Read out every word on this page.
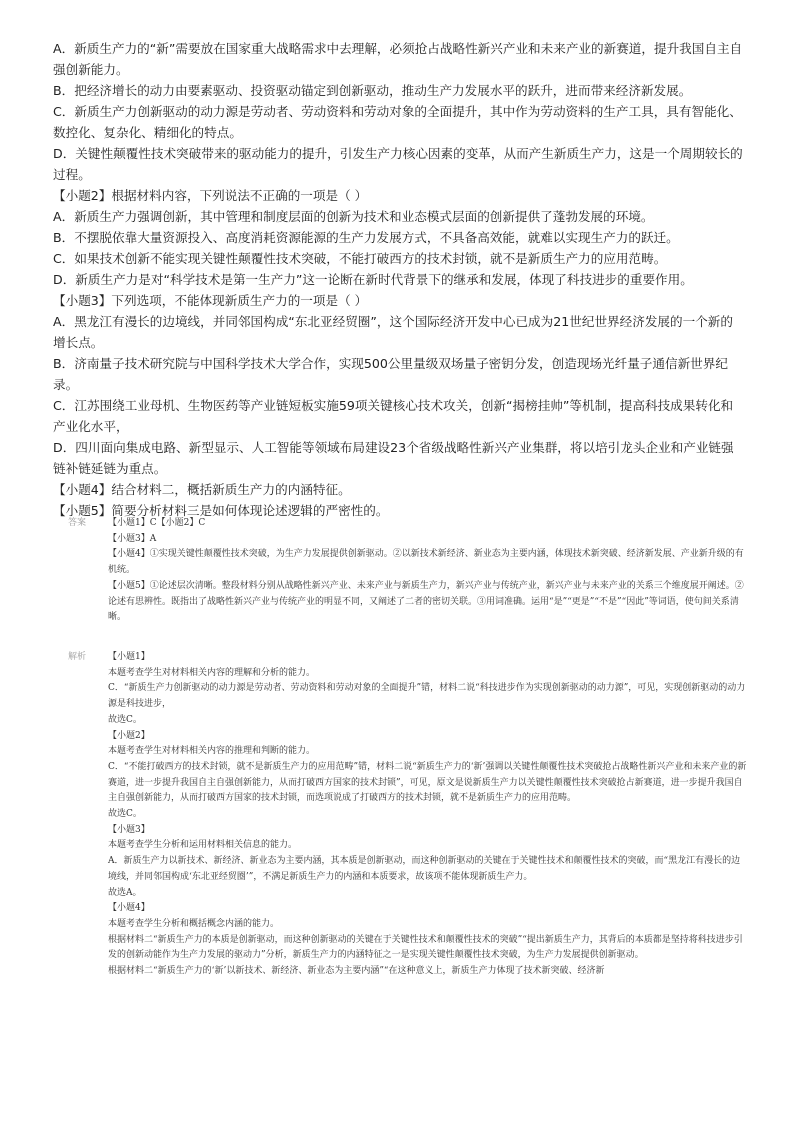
A．新质生产力的“新”需要放在国家重大战略需求中去理解，必须抢占战略性新兴产业和未来产业的新赛道，提升我国自主自强创新能力。

B．把经济增长的动力由要素驱动、投资驱动锚定到创新驱动，推动生产力发展水平的跃升，进而带来经济新发展。

C．新质生产力创新驱动的动力源是劳动者、劳动资料和劳动对象的全面提升，其中作为劳动资料的生产工具，具有智能化、数控化、复杂化、精细化的特点。

D．关键性颠覆性技术突破带来的驱动能力的提升，引发生产力核心因素的变革，从而产生新质生产力，这是一个周期较长的过程。

【小题2】根据材料内容，下列说法不正确的一项是（ ）

A．新质生产力强调创新，其中管理和制度层面的创新为技术和业态模式层面的创新提供了蓬勃发展的环境。

B．不摆脱依靠大量资源投入、高度消耗资源能源的生产力发展方式，不具备高效能，就难以实现生产力的跃迁。

C．如果技术创新不能实现关键性颠覆性技术突破，不能打破西方的技术封锁，就不是新质生产力的应用范畴。

D．新质生产力是对“科学技术是第一生产力”这一论断在新时代背景下的继承和发展，体现了科技进步的重要作用。

【小题3】下列选项，不能体现新质生产力的一项是（ ）

A．黑龙江有漫长的边境线，并同邻国构成“东北亚经贸圈”，这个国际经济开发中心已成为21世纪世界经济发展的一个新的增长点。

B．济南量子技术研究院与中国科学技术大学合作，实现500公里量级双场量子密钥分发，创造现场光纤量子通信新世界纪录。

C．江苏围绕工业母机、生物医药等产业链短板实施59项关键核心技术攻关，创新“揭榜挂帅”等机制，提高科技成果转化和产业化水平，

D．四川面向集成电路、新型显示、人工智能等领域布局建设23个省级战略性新兴产业集群，将以培引龙头企业和产业链强链补链延链为重点。

【小题4】结合材料二，概括新质生产力的内涵特征。

【小题5】简要分析材料三是如何体现论述逻辑的严密性的。

答案	【小题1】C【小题2】C

【小题3】A

【小题4】①实现关键性颠覆性技术突破，为生产力发展提供创新驱动。②以新技术新经济、新业态为主要内涵，体现技术新突破、经济新发展、产业新升级的有机统。

【小题5】①论述层次清晰。整段材料分别从战略性新兴产业、未来产业与新质生产力，新兴产业与传统产业，新兴产业与未来产业的关系三个维度展开阐述。②论述有思辨性。既指出了战略性新兴产业与传统产业的明显不同，又阐述了二者的密切关联。③用词准确。运用“是”“更是”“不是”“因此”等词语，使句间关系清晰。

解析	【小题1】

本题考查学生对材料相关内容的理解和分析的能力。

C．“新质生产力创新驱动的动力源是劳动者、劳动资料和劳动对象的全面提升”错，材料二说“科技进步作为实现创新驱动的动力源”，可见，实现创新驱动的动力源是科技进步，

故选C。

【小题2】

本题考查学生对材料相关内容的推理和判断的能力。

C．“不能打破西方的技术封锁，就不是新质生产力的应用范畴”错，材料二说“新质生产力的‘新’强调以关键性颠覆性技术突破抢占战略性新兴产业和未来产业的新赛道，进一步提升我国自主自强创新能力，从而打破西方国家的技术封锁”，可见，原文是说新质生产力以关键性颠覆性技术突破抢占新赛道，进一步提升我国自主自强创新能力，从而打破西方国家的技术封锁，而选项说成了打破西方的技术封锁，就不是新质生产力的应用范畴。

故选C。

【小题3】

本题考查学生分析和运用材料相关信息的能力。

A．新质生产力以新技术、新经济、新业态为主要内涵，其本质是创新驱动，而这种创新驱动的关键在于关键性技术和颠覆性技术的突破，而“黑龙江有漫长的边境线，并同邻国构成‘东北亚经贸圈’”，不满足新质生产力的内涵和本质要求，故该项不能体现新质生产力。

故选A。

【小题4】

本题考查学生分析和概括概念内涵的能力。

根据材料二“新质生产力的本质是创新驱动，而这种创新驱动的关键在于关键性技术和颠覆性技术的突破”“提出新质生产力，其背后的本质都是坚持将科技进步引发的创新动能作为生产力发展的驱动力”分析，新质生产力的内涵特征之一是实现关键性颠覆性技术突破，为生产力发展提供创新驱动。

根据材料二“新质生产力的‘新’以新技术、新经济、新业态为主要内涵”“在这种意义上，新质生产力体现了技术新突破、经济新
